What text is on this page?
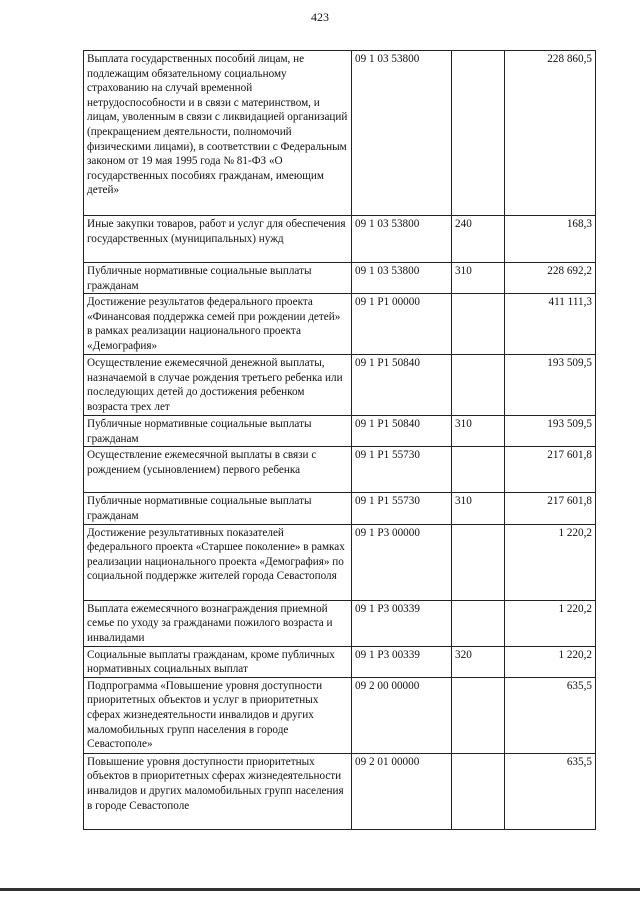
423
Выплата государственных пособий лицам, не подлежащим обязательному социальному страхованию на случай временной нетрудоспособности и в связи с материнством, и лицам, уволенным в связи с ликвидацией организаций (прекращением деятельности, полномочий физическими лицами), в соответствии с Федеральным законом от 19 мая 1995 года № 81-ФЗ «О государственных пособиях гражданам, имеющим детей»	09 1 03 53800		228 860,5
Иные закупки товаров, работ и услуг для обеспечения государственных (муниципальных) нужд	09 1 03 53800	240	168,3
Публичные нормативные социальные выплаты гражданам	09 1 03 53800	310	228 692,2
Достижение результатов федерального проекта «Финансовая поддержка семей при рождении детей» в рамках реализации национального проекта «Демография»	09 1 P1 00000		411 111,3
Осуществление ежемесячной денежной выплаты, назначаемой в случае рождения третьего ребенка или последующих детей до достижения ребенком возраста трех лет	09 1 P1 50840		193 509,5
Публичные нормативные социальные выплаты гражданам	09 1 P1 50840	310	193 509,5
Осуществление ежемесячной выплаты в связи с рождением (усыновлением) первого ребенка	09 1 P1 55730		217 601,8
Публичные нормативные социальные выплаты гражданам	09 1 P1 55730	310	217 601,8
Достижение результативных показателей федерального проекта «Старшее поколение» в рамках реализации национального проекта «Демография» по социальной поддержке жителей города Севастополя	09 1 P3 00000		1 220,2
Выплата ежемесячного вознаграждения приемной семье по уходу за гражданами пожилого возраста и инвалидами	09 1 P3 00339		1 220,2
Социальные выплаты гражданам, кроме публичных нормативных социальных выплат	09 1 P3 00339	320	1 220,2
Подпрограмма «Повышение уровня доступности приоритетных объектов и услуг в приоритетных сферах жизнедеятельности инвалидов и других маломобильных групп населения в городе Севастополе»	09 2 00 00000		635,5
Повышение уровня доступности приоритетных объектов в приоритетных сферах жизнедеятельности инвалидов и других маломобильных групп населения в городе Севастополе	09 2 01 00000		635,5
